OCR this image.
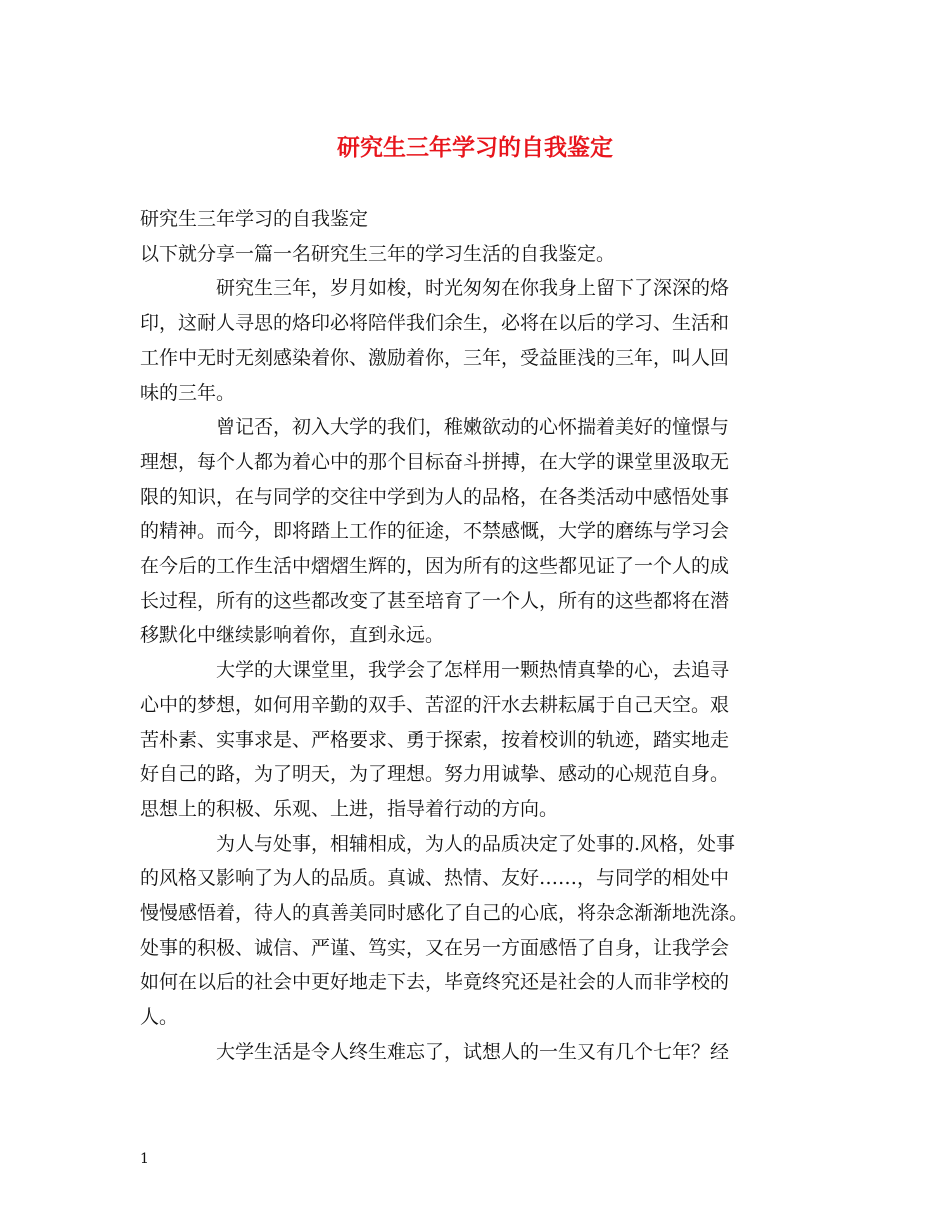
研究生三年学习的自我鉴定
研究生三年学习的自我鉴定
以下就分享一篇一名研究生三年的学习生活的自我鉴定。
研究生三年，岁月如梭，时光匆匆在你我身上留下了深深的烙
印，这耐人寻思的烙印必将陪伴我们余生，必将在以后的学习、生活和
工作中无时无刻感染着你、激励着你，三年，受益匪浅的三年，叫人回
味的三年。
曾记否，初入大学的我们，稚嫩欲动的心怀揣着美好的憧憬与
理想，每个人都为着心中的那个目标奋斗拼搏，在大学的课堂里汲取无
限的知识，在与同学的交往中学到为人的品格，在各类活动中感悟处事
的精神。而今，即将踏上工作的征途，不禁感慨，大学的磨练与学习会
在今后的工作生活中熠熠生辉的，因为所有的这些都见证了一个人的成
长过程，所有的这些都改变了甚至培育了一个人，所有的这些都将在潜
移默化中继续影响着你，直到永远。
大学的大课堂里，我学会了怎样用一颗热情真挚的心，去追寻
心中的梦想，如何用辛勤的双手、苦涩的汗水去耕耘属于自己天空。艰
苦朴素、实事求是、严格要求、勇于探索，按着校训的轨迹，踏实地走
好自己的路，为了明天，为了理想。努力用诚挚、感动的心规范自身。
思想上的积极、乐观、上进，指导着行动的方向。
为人与处事，相辅相成，为人的品质决定了处事的.风格，处事
的风格又影响了为人的品质。真诚、热情、友好……，与同学的相处中
慢慢感悟着，待人的真善美同时感化了自己的心底，将杂念渐渐地洗涤。
处事的积极、诚信、严谨、笃实，又在另一方面感悟了自身，让我学会
如何在以后的社会中更好地走下去，毕竟终究还是社会的人而非学校的
人。
大学生活是令人终生难忘了，试想人的一生又有几个七年？经
1
